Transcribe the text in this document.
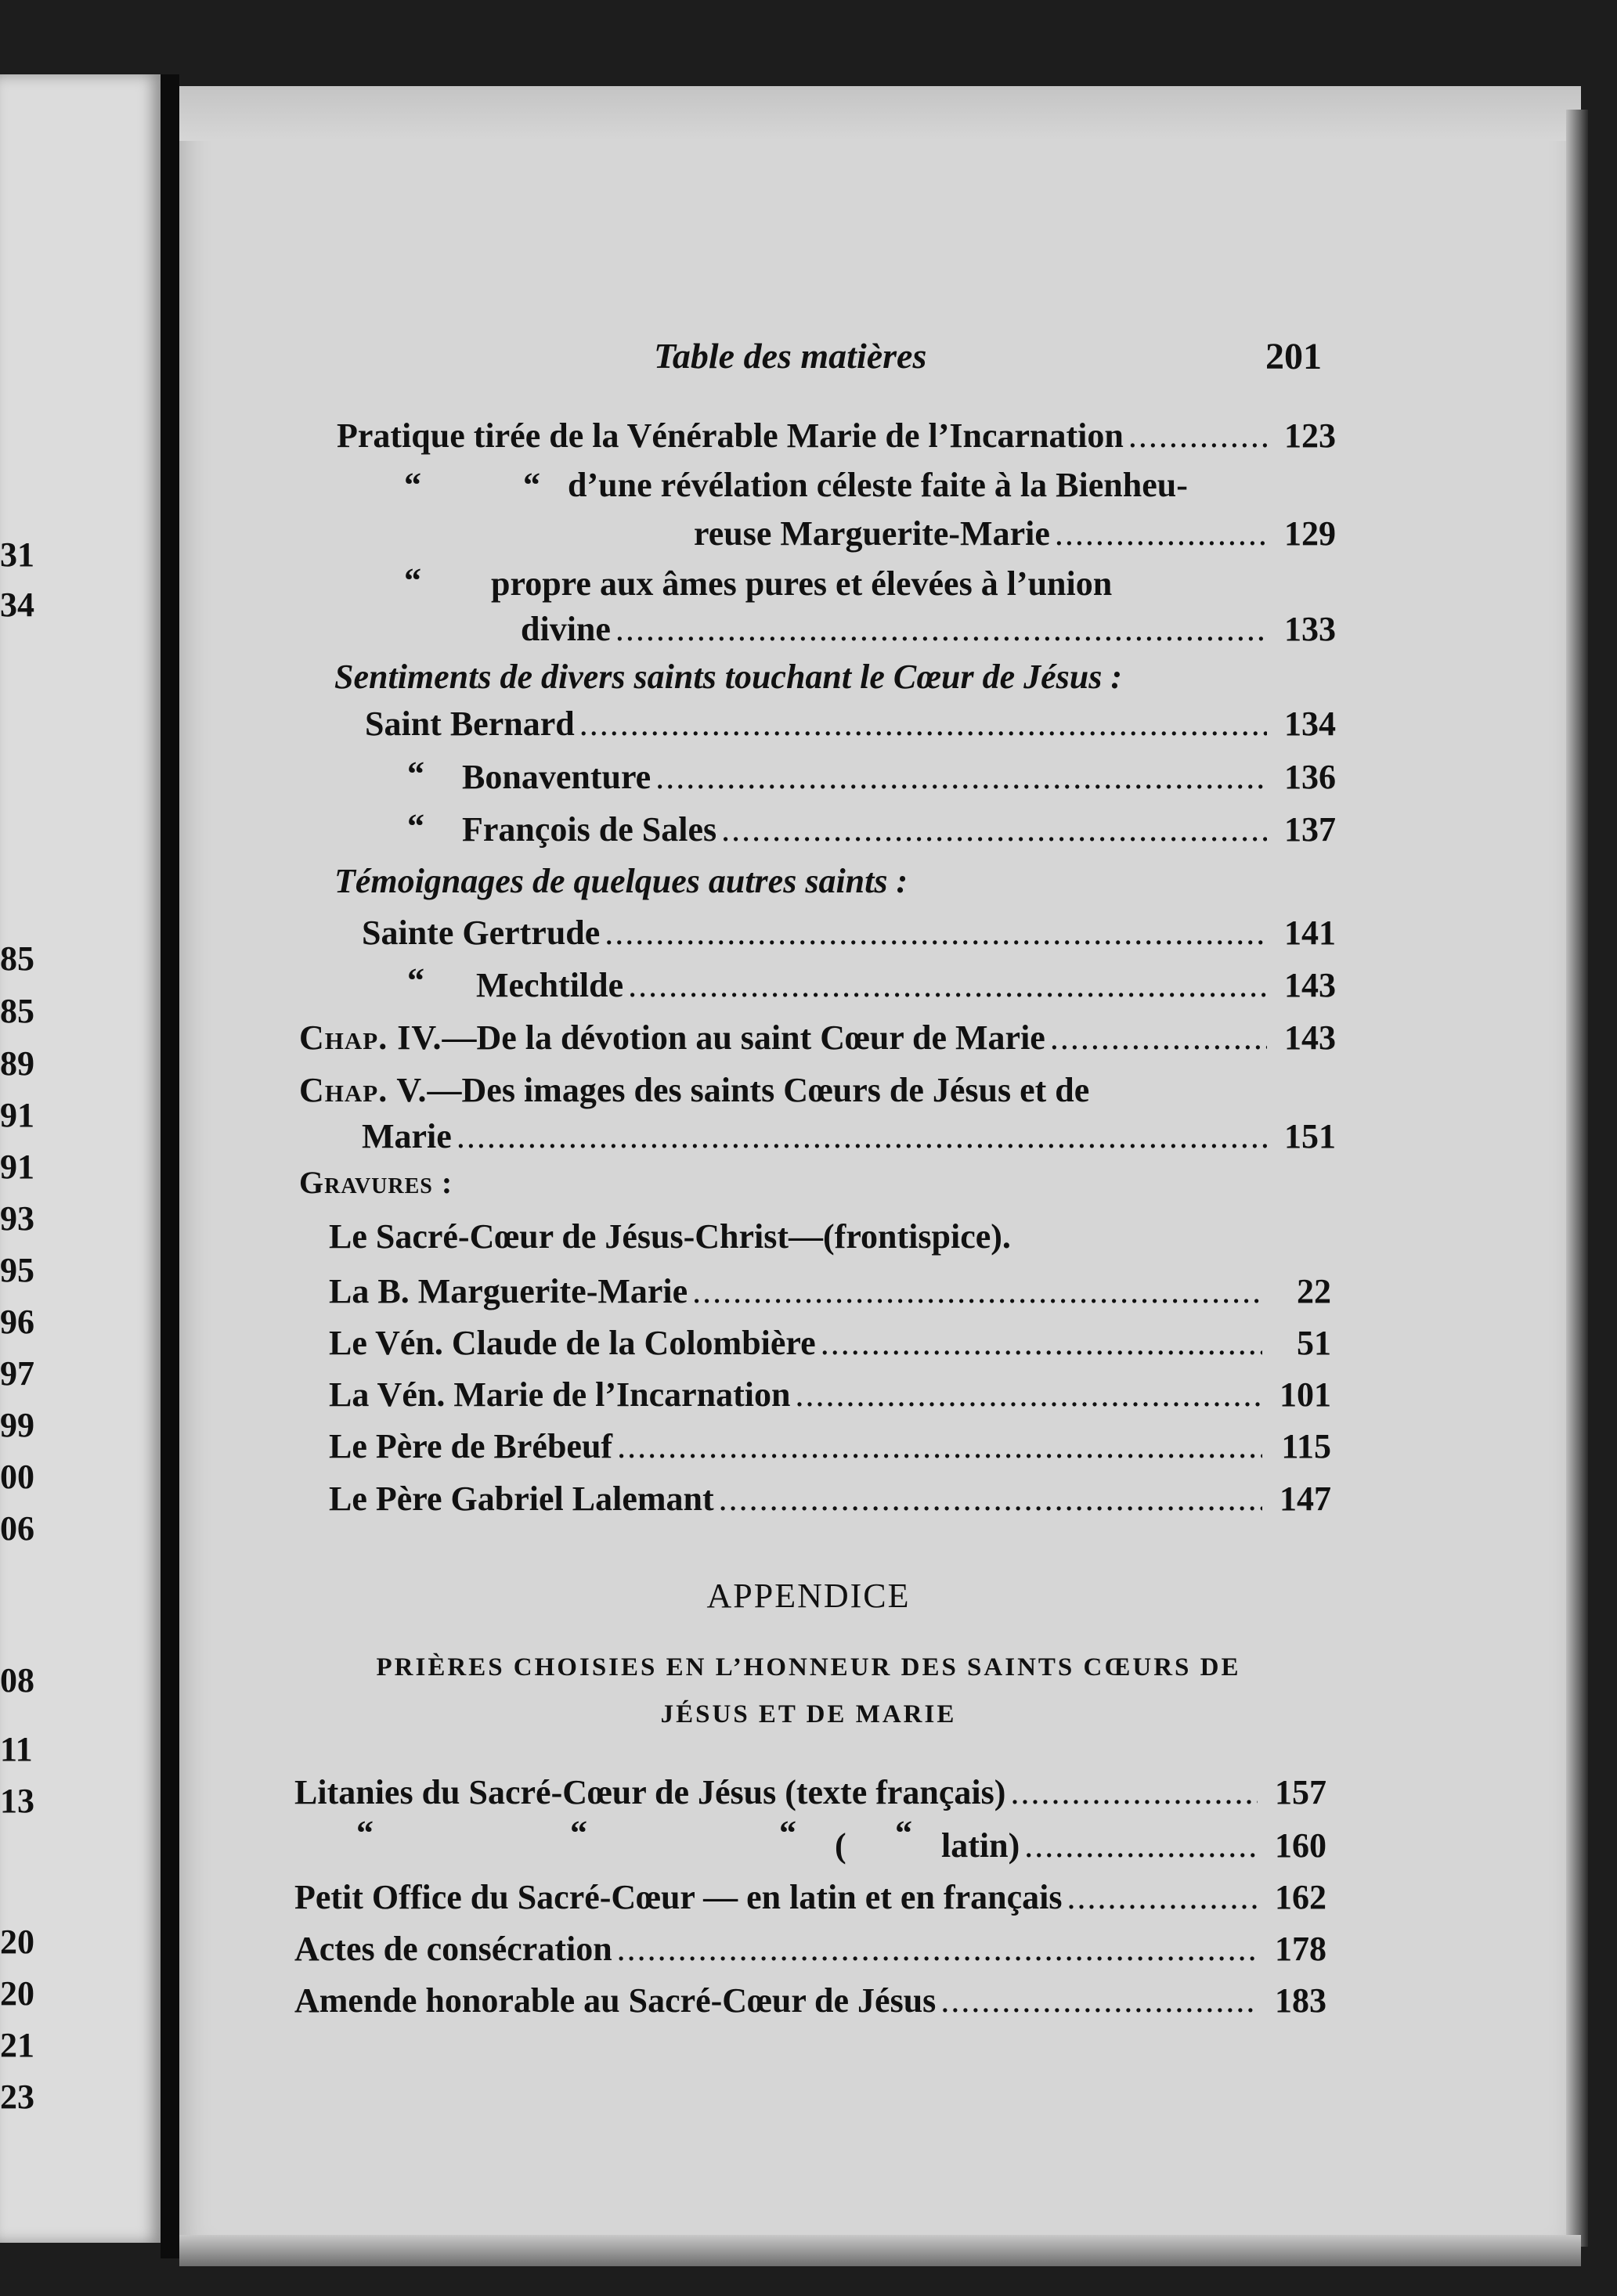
31
34
85
85
89
91
91
93
95
96
97
99
00
06
08
11
13
20
20
21
23
Table des matières	201
Pratique tirée de la Vénérable Marie de l’Incarnation .....	123
“	“ d’une révélation céleste faite à la Bienheu-
reuse Marguerite-Marie .....	129
“ propre aux âmes pures et élevées à l’union
divine .....	133
Sentiments de divers saints touchant le Cœur de Jésus :
Saint Bernard .....	134
“ Bonaventure .....	136
“ François de Sales .....	137
Témoignages de quelques autres saints :
Sainte Gertrude .....	141
“ Mechtilde .....	143
Chap. IV. —De la dévotion au saint Cœur de Marie .....	143
Chap. V. —Des images des saints Cœurs de Jésus et de
Marie .....	151
Gravures :
Le Sacré-Cœur de Jésus-Christ—(frontispice).
La B. Marguerite-Marie .....	22
Le Vén. Claude de la Colombière .....	51
La Vén. Marie de l’Incarnation .....	101
Le Père de Brébeuf .....	115
Le Père Gabriel Lalemant .....	147
APPENDICE
PRIÈRES CHOISIES EN L’HONNEUR DES SAINTS CŒURS DE
JÉSUS ET DE MARIE
Litanies du Sacré-Cœur de Jésus (texte français) .....	157
“	“	“ ( “ latin) .....	160
Petit Office du Sacré-Cœur — en latin et en français .....	162
Actes de consécration .....	178
Amende honorable au Sacré-Cœur de Jésus .....	183
